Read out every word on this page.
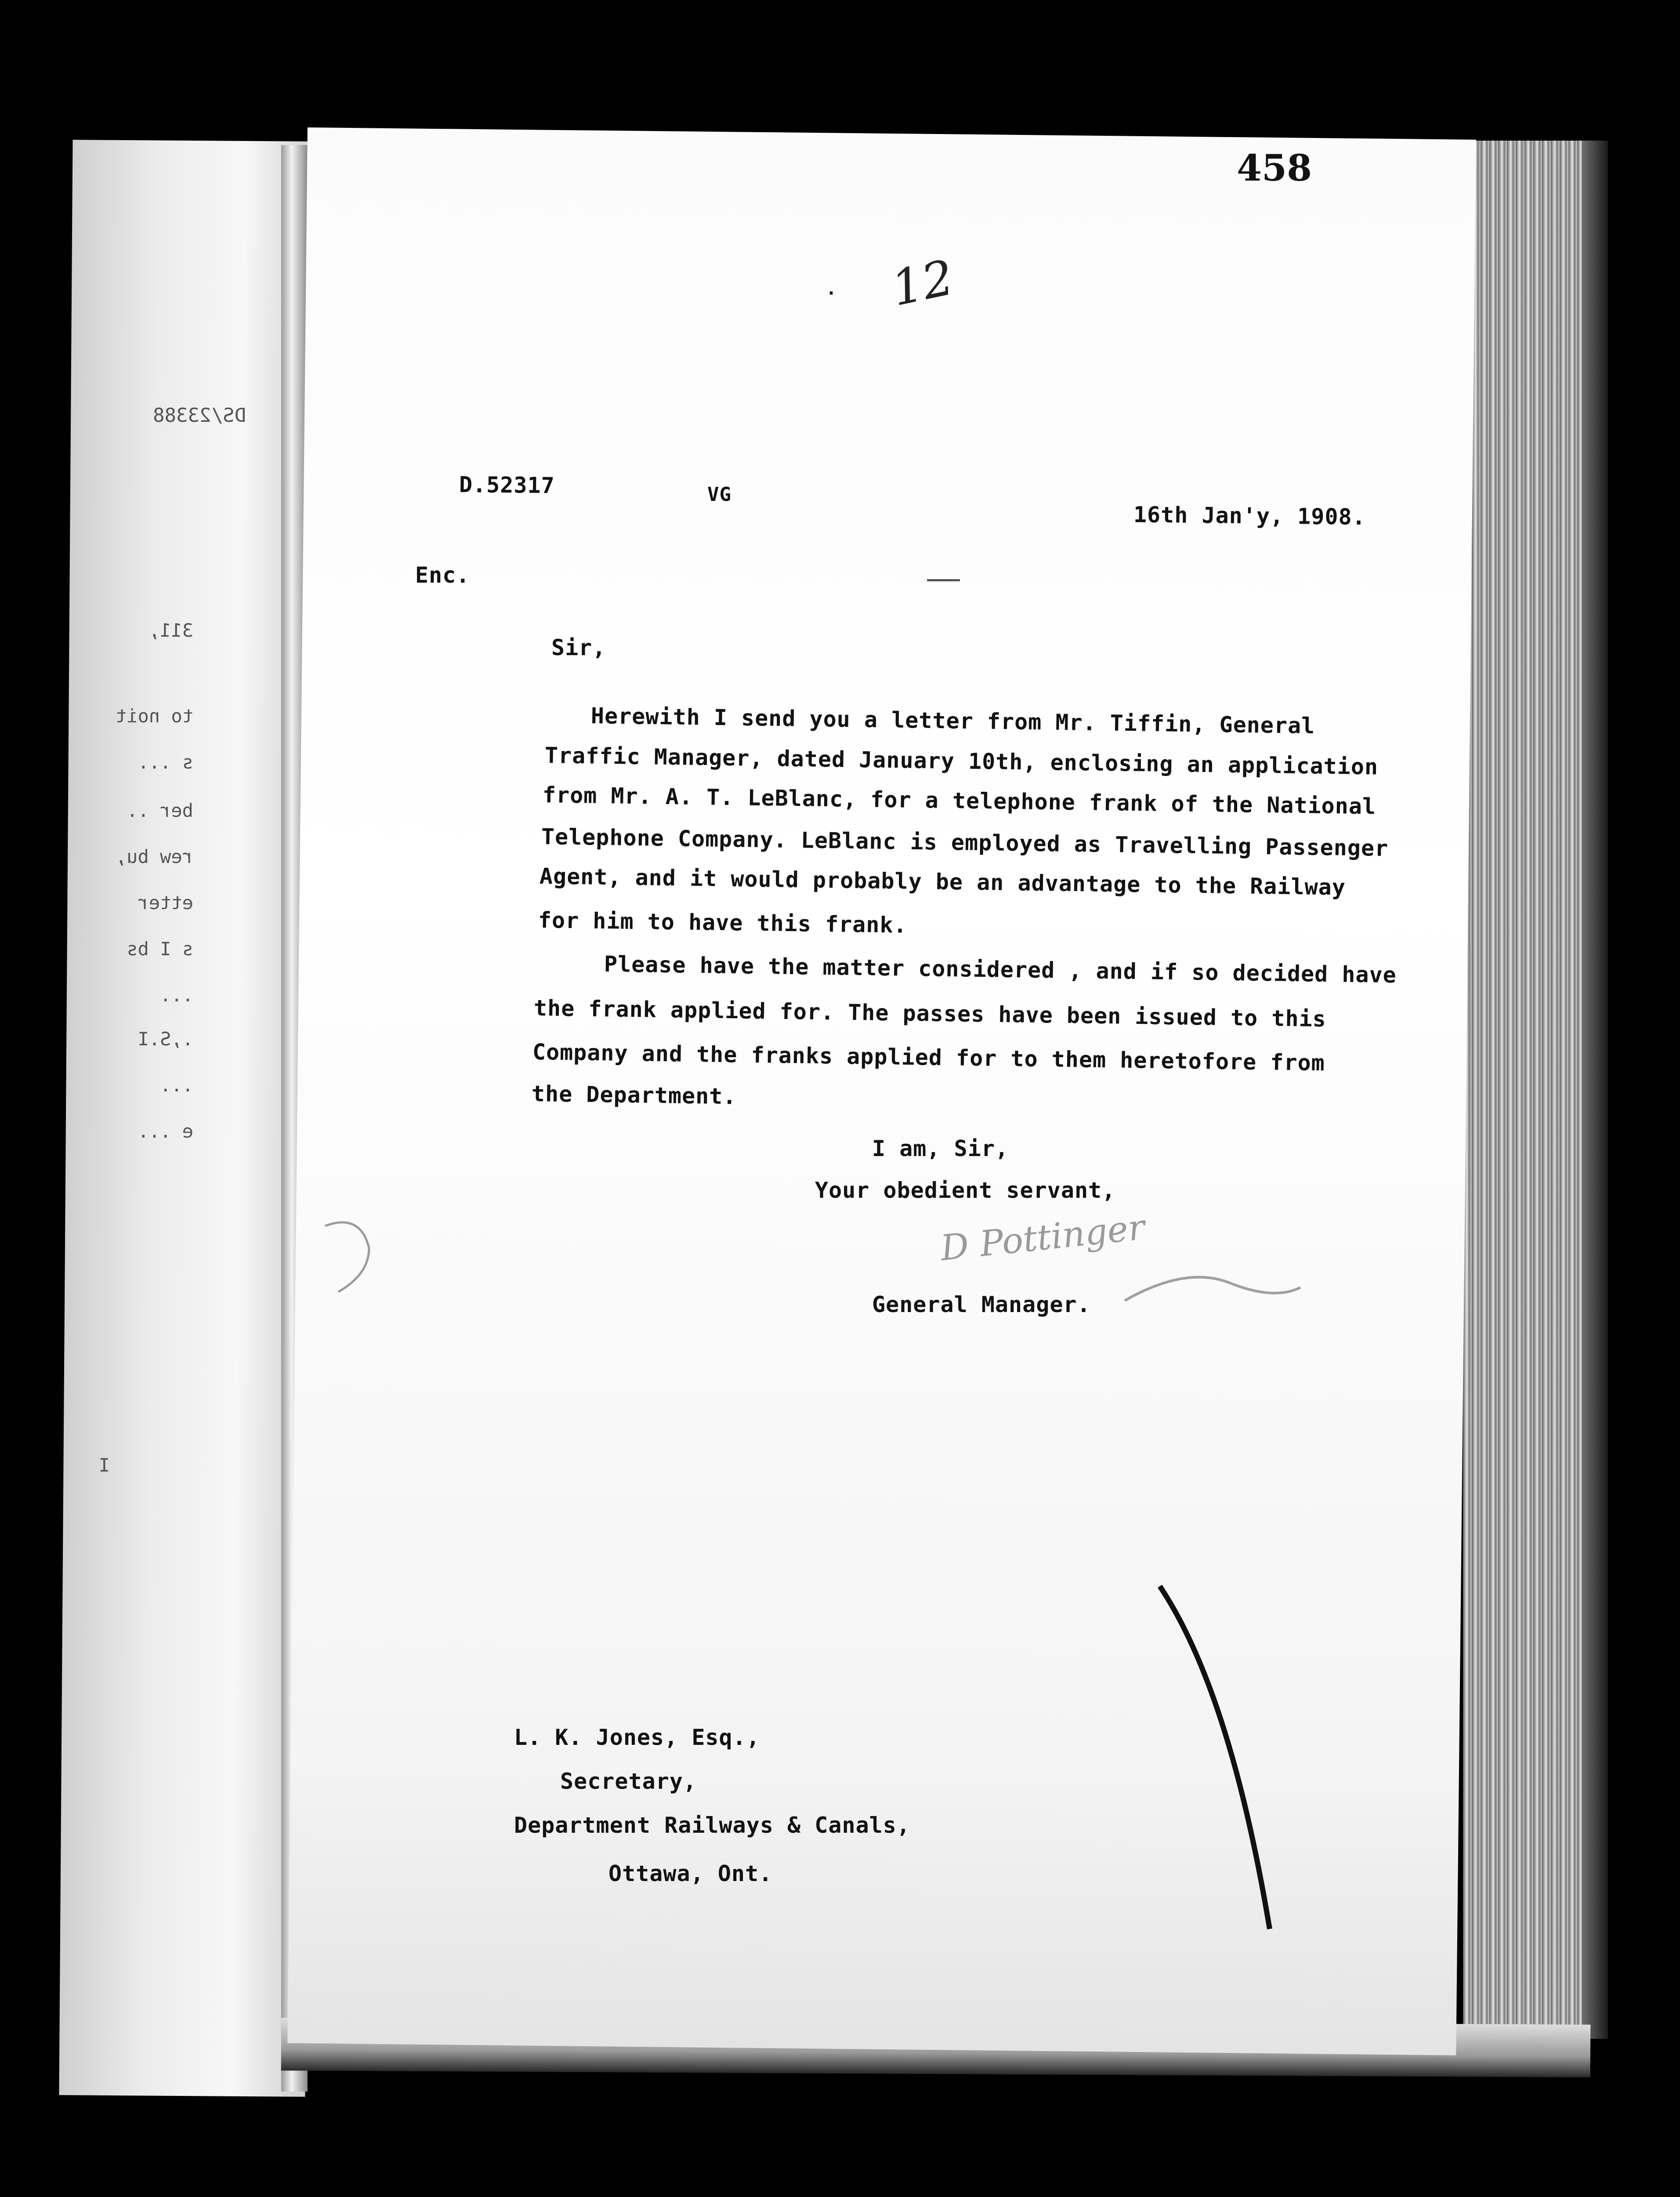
DS/23388
311,
to noit
s ...
ber ..
rew bu,
etter
s I bs
...
.,S.I
...
e ...
I
458
12
·
D.52317	VG
16th Jan'y, 1908.
Enc.
Sir,
Herewith I send you a letter from Mr. Tiffin, General
Traffic Manager, dated January 10th, enclosing an application
from Mr. A. T. LeBlanc, for a telephone frank of the National
Telephone Company. LeBlanc is employed as Travelling Passenger
Agent, and it would probably be an advantage to the Railway
for him to have this frank.
Please have the matter considered , and if so decided have
the frank applied for. The passes have been issued to this
Company and the franks applied for to them heretofore from
the Department.
I am, Sir,
Your obedient servant,
D Pottinger
General Manager.
L. K. Jones, Esq.,
Secretary,
Department Railways & Canals,
Ottawa, Ont.
